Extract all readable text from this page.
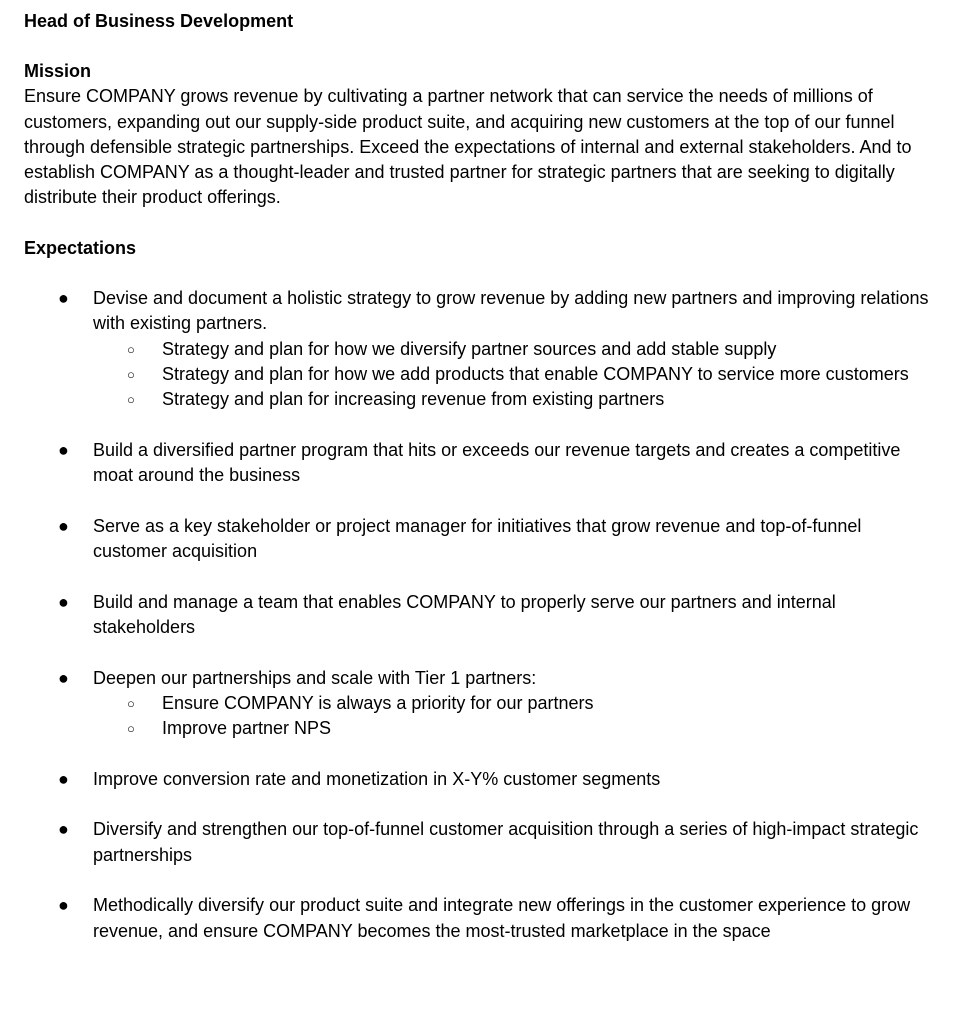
Head of Business Development

Mission

Ensure COMPANY grows revenue by cultivating a partner network that can service the needs of millions of customers, expanding out our supply-side product suite, and acquiring new customers at the top of our funnel through defensible strategic partnerships. Exceed the expectations of internal and external stakeholders. And to establish COMPANY as a thought-leader and trusted partner for strategic partners that are seeking to digitally distribute their product offerings.

Expectations

● Devise and document a holistic strategy to grow revenue by adding new partners and improving relations with existing partners.
○ Strategy and plan for how we diversify partner sources and add stable supply
○ Strategy and plan for how we add products that enable COMPANY to service more customers
○ Strategy and plan for increasing revenue from existing partners
● Build a diversified partner program that hits or exceeds our revenue targets and creates a competitive moat around the business
● Serve as a key stakeholder or project manager for initiatives that grow revenue and top-of-funnel customer acquisition
● Build and manage a team that enables COMPANY to properly serve our partners and internal stakeholders
● Deepen our partnerships and scale with Tier 1 partners:
○ Ensure COMPANY is always a priority for our partners
○ Improve partner NPS
● Improve conversion rate and monetization in X-Y% customer segments
● Diversify and strengthen our top-of-funnel customer acquisition through a series of high-impact strategic partnerships
● Methodically diversify our product suite and integrate new offerings in the customer experience to grow revenue, and ensure COMPANY becomes the most-trusted marketplace in the space
